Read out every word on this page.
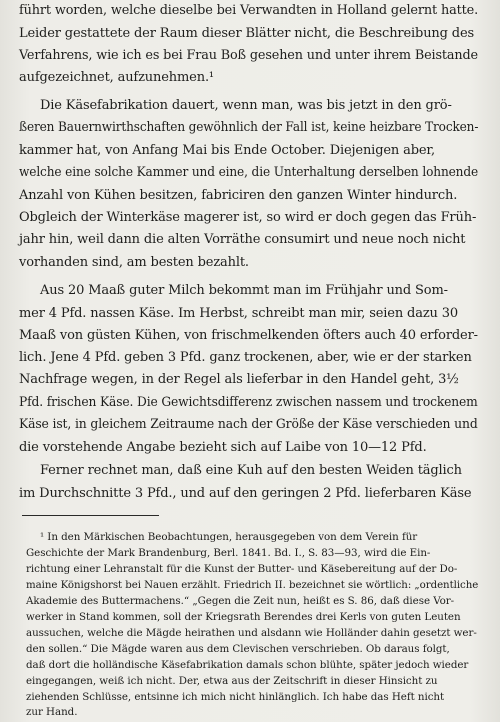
führt worden, welche dieselbe bei Verwandten in Holland gelernt hatte.
Leider gestattete der Raum dieser Blätter nicht, die Beschreibung des
Verfahrens, wie ich es bei Frau Boß gesehen und unter ihrem Beistande
aufgezeichnet, aufzunehmen.¹
Die Käsefabrikation dauert, wenn man, was bis jetzt in den grö-
ßeren Bauernwirthschaften gewöhnlich der Fall ist, keine heizbare Trocken-
kammer hat, von Anfang Mai bis Ende October. Diejenigen aber,
welche eine solche Kammer und eine, die Unterhaltung derselben lohnende
Anzahl von Kühen besitzen, fabriciren den ganzen Winter hindurch.
Obgleich der Winterkäse magerer ist, so wird er doch gegen das Früh-
jahr hin, weil dann die alten Vorräthe consumirt und neue noch nicht
vorhanden sind, am besten bezahlt.
Aus 20 Maaß guter Milch bekommt man im Frühjahr und Som-
mer 4 Pfd. nassen Käse. Im Herbst, schreibt man mir, seien dazu 30
Maaß von güsten Kühen, von frischmelkenden öfters auch 40 erforder-
lich. Jene 4 Pfd. geben 3 Pfd. ganz trockenen, aber, wie er der starken
Nachfrage wegen, in der Regel als lieferbar in den Handel geht, 3½
Pfd. frischen Käse. Die Gewichtsdifferenz zwischen nassem und trockenem
Käse ist, in gleichem Zeitraume nach der Größe der Käse verschieden und
die vorstehende Angabe bezieht sich auf Laibe von 10—12 Pfd.
Ferner rechnet man, daß eine Kuh auf den besten Weiden täglich
im Durchschnitte 3 Pfd., und auf den geringen 2 Pfd. lieferbaren Käse
¹ In den Märkischen Beobachtungen, herausgegeben von dem Verein für
Geschichte der Mark Brandenburg, Berl. 1841. Bd. I., S. 83—93, wird die Ein-
richtung einer Lehranstalt für die Kunst der Butter- und Käsebereitung auf der Do-
maine Königshorst bei Nauen erzählt. Friedrich II. bezeichnet sie wörtlich: „ordentliche
Akademie des Buttermachens.“ „Gegen die Zeit nun, heißt es S. 86, daß diese Vor-
werker in Stand kommen, soll der Kriegsrath Berendes drei Kerls von guten Leuten
aussuchen, welche die Mägde heirathen und alsdann wie Holländer dahin gesetzt wer-
den sollen.“ Die Mägde waren aus dem Clevischen verschrieben. Ob daraus folgt,
daß dort die holländische Käsefabrikation damals schon blühte, später jedoch wieder
eingegangen, weiß ich nicht. Der, etwa aus der Zeitschrift in dieser Hinsicht zu
ziehenden Schlüsse, entsinne ich mich nicht hinlänglich. Ich habe das Heft nicht
zur Hand.
